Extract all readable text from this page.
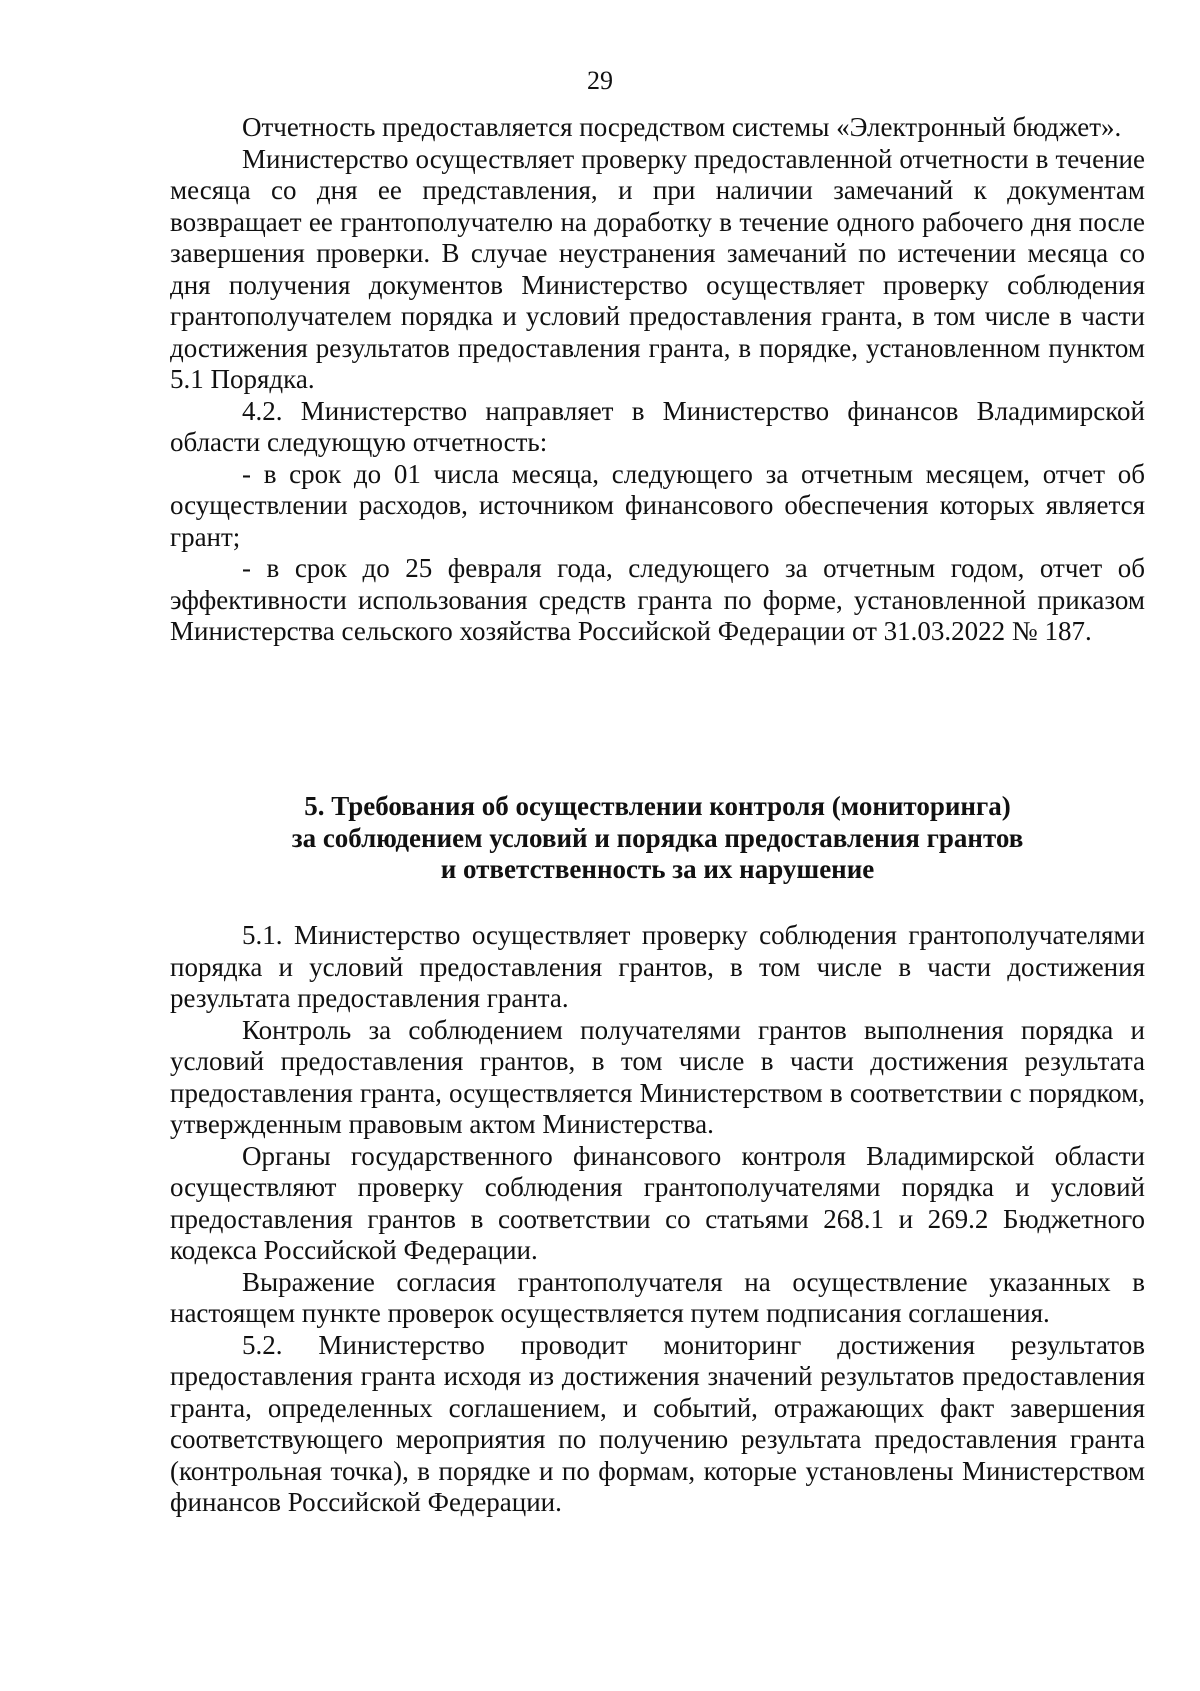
29

Отчетность предоставляется посредством системы «Электронный бюджет».

Министерство осуществляет проверку предоставленной отчетности в течение месяца со дня ее представления, и при наличии замечаний к документам возвращает ее грантополучателю на доработку в течение одного рабочего дня после завершения проверки. В случае неустранения замечаний по истечении месяца со дня получения документов Министерство осуществляет проверку соблюдения грантополучателем порядка и условий предоставления гранта, в том числе в части достижения результатов предоставления гранта, в порядке, установленном пунктом 5.1 Порядка.

4.2. Министерство направляет в Министерство финансов Владимирской области следующую отчетность:

- в срок до 01 числа месяца, следующего за отчетным месяцем, отчет об осуществлении расходов, источником финансового обеспечения которых является грант;

- в срок до 25 февраля года, следующего за отчетным годом, отчет об эффективности использования средств гранта по форме, установленной приказом Министерства сельского хозяйства Российской Федерации от 31.03.2022 № 187.

5. Требования об осуществлении контроля (мониторинга)
за соблюдением условий и порядка предоставления грантов
и ответственность за их нарушение

5.1. Министерство осуществляет проверку соблюдения грантополучателями порядка и условий предоставления грантов, в том числе в части достижения результата предоставления гранта.

Контроль за соблюдением получателями грантов выполнения порядка и условий предоставления грантов, в том числе в части достижения результата предоставления гранта, осуществляется Министерством в соответствии с порядком, утвержденным правовым актом Министерства.

Органы государственного финансового контроля Владимирской области осуществляют проверку соблюдения грантополучателями порядка и условий предоставления грантов в соответствии со статьями 268.1 и 269.2 Бюджетного кодекса Российской Федерации.

Выражение согласия грантополучателя на осуществление указанных в настоящем пункте проверок осуществляется путем подписания соглашения.

5.2. Министерство проводит мониторинг достижения результатов предоставления гранта исходя из достижения значений результатов предоставления гранта, определенных соглашением, и событий, отражающих факт завершения соответствующего мероприятия по получению результата предоставления гранта (контрольная точка), в порядке и по формам, которые установлены Министерством финансов Российской Федерации.
